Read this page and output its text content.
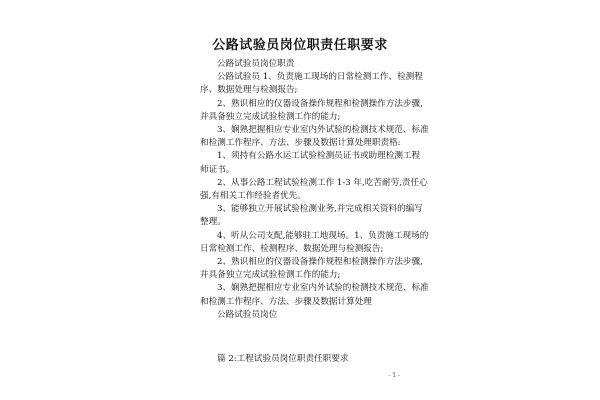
公路试验员岗位职责任职要求

公路试验员岗位职责

公路试验员 1、负责施工现场的日常检测工作、检测程

序、数据处理与检测报告;

2、熟识相应的仪器设备操作规程和检测操作方法步骤,

并具备独立完成试验检测工作的能力;

3、娴熟把握相应专业室内外试验的检测技术规范、标准

和检测工作程序、方法、步骤及数据计算处理职责格:

1、须持有公路水运工试验检测员证书或助理检测工程

师证书。

2、从事公路工程试验检测工作 1-3 年,吃苦耐劳,责任心

强,有相关工作经验者优先。

3、能够独立开展试验检测业务,并完成相关资料的编写

整理。

4、听从公司支配,能够驻工地现场。1、负责施工现场的

日常检测工作、检测程序、数据处理与检测报告;

2、熟识相应的仪器设备操作规程和检测操作方法步骤,

并具备独立完成试验检测工作的能力;

3、娴熟把握相应专业室内外试验的检测技术规范、标准

和检测工作程序、方法、步骤及数据计算处理

公路试验员岗位

篇 2:工程试验员岗位职责任职要求
- 1 -
